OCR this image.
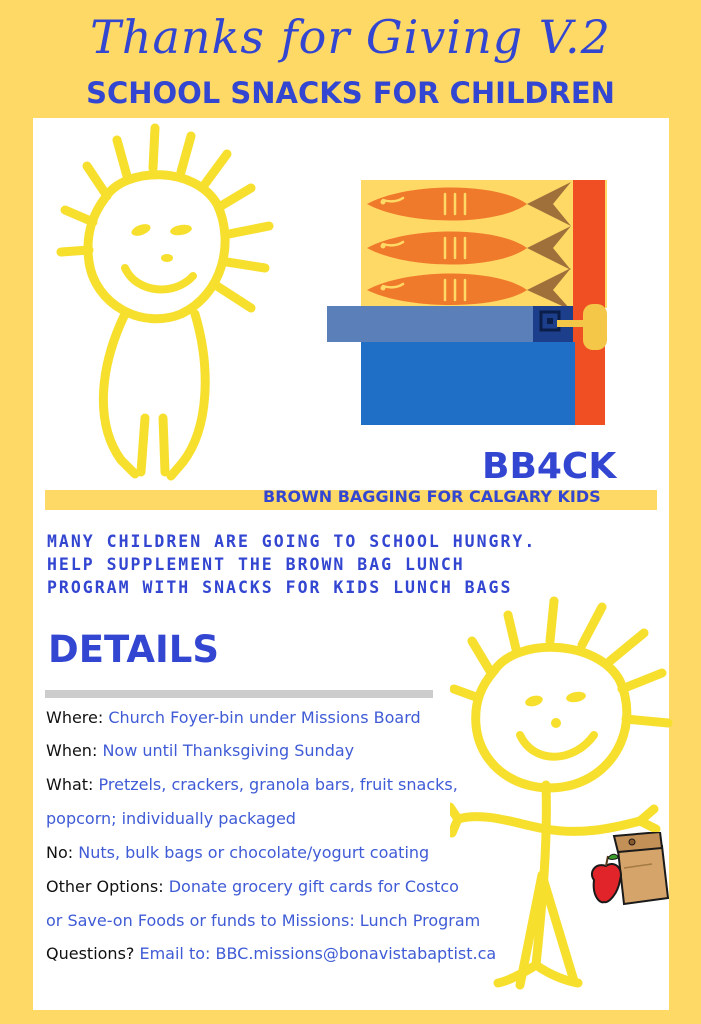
Thanks for Giving V.2
SCHOOL SNACKS FOR CHILDREN
BB4CK
BROWN BAGGING FOR CALGARY KIDS
MANY CHILDREN ARE GOING TO SCHOOL HUNGRY.
HELP SUPPLEMENT THE BROWN BAG LUNCH
PROGRAM WITH SNACKS FOR KIDS LUNCH BAGS
DETAILS
Where: Church Foyer-bin under Missions Board
When: Now until Thanksgiving Sunday
What: Pretzels, crackers, granola bars, fruit snacks,
popcorn; individually packaged
No: Nuts, bulk bags or chocolate/yogurt coating
Other Options: Donate grocery gift cards for Costco
or Save-on Foods or funds to Missions: Lunch Program
Questions? Email to: BBC.missions@bonavistabaptist.ca
